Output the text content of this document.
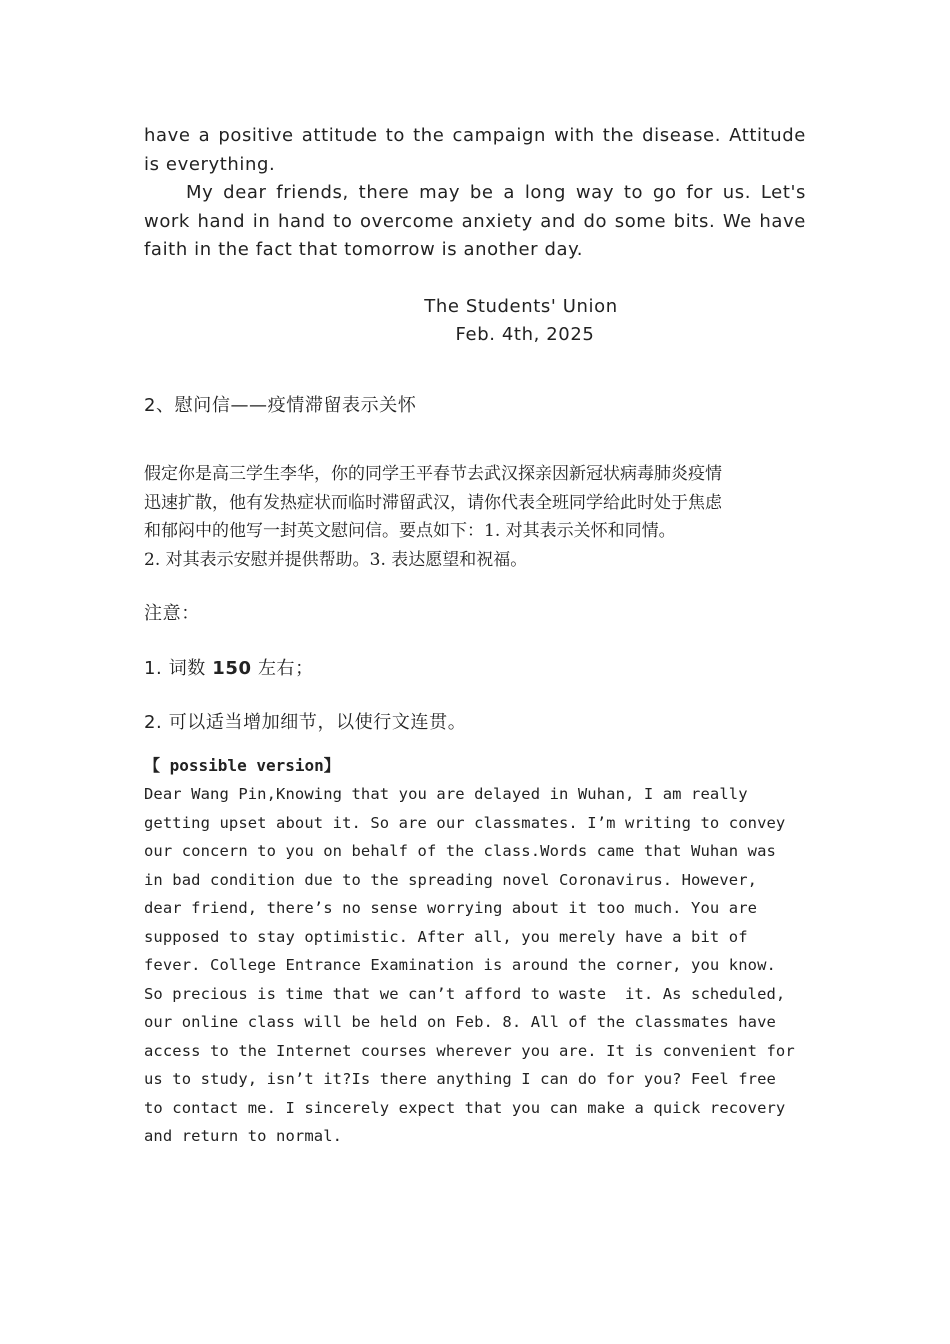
have a positive attitude to the campaign with the disease. Attitude is everything.
My dear friends, there may be a long way to go for us. Let's work hand in hand to overcome anxiety and do some bits. We have faith in the fact that tomorrow is another day.
The Students' Union
Feb. 4th, 2025
2、慰问信——疫情滞留表示关怀
假定你是高三学生李华，你的同学王平春节去武汉探亲因新冠状病毒肺炎疫情
迅速扩散，他有发热症状而临时滞留武汉，请你代表全班同学给此时处于焦虑
和郁闷中的他写一封英文慰问信。要点如下：1. 对其表示关怀和同情。
2. 对其表示安慰并提供帮助。3. 表达愿望和祝福。
注意：
1. 词数 150 左右；
2. 可以适当增加细节，以使行文连贯。
【 possible version】
Dear Wang Pin,Knowing that you are delayed in Wuhan, I am really
getting upset about it. So are our classmates. I’m writing to convey
our concern to you on behalf of the class.Words came that Wuhan was
in bad condition due to the spreading novel Coronavirus. However,
dear friend, there’s no sense worrying about it too much. You are
supposed to stay optimistic. After all, you merely have a bit of
fever. College Entrance Examination is around the corner, you know.
So precious is time that we can’t afford to waste  it. As scheduled,
our online class will be held on Feb. 8. All of the classmates have
access to the Internet courses wherever you are. It is convenient for
us to study, isn’t it?Is there anything I can do for you? Feel free
to contact me. I sincerely expect that you can make a quick recovery
and return to normal.
